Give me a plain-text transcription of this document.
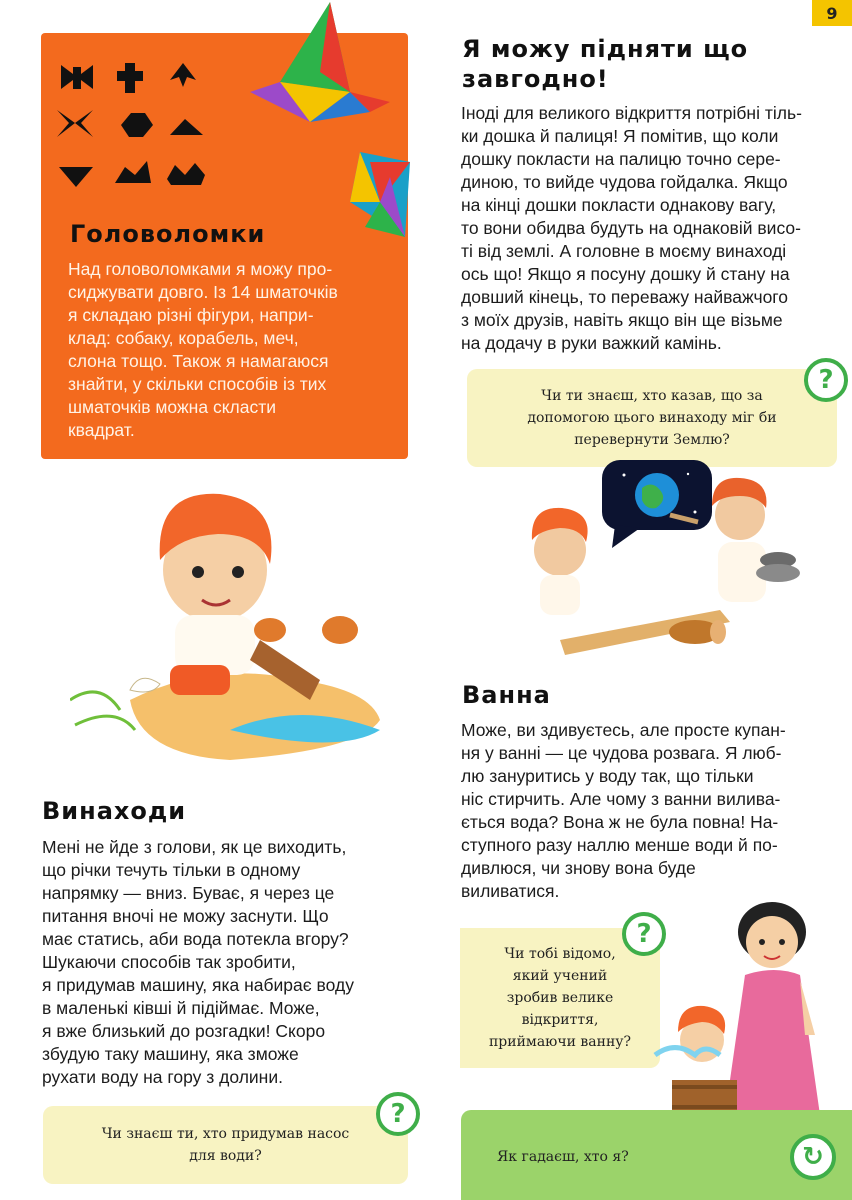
9
Головоломки
Над головоломками я можу про-
сиджувати довго. Із 14 шматочків
я складаю різні фігури, напри-
клад: собаку, корабель, меч,
слона тощо. Також я намагаюся
знайти, у скільки способів із тих
шматочків можна скласти
квадрат.
Я можу підняти що
завгодно!
Іноді для великого відкриття потрібні тіль-
ки дошка й палиця! Я помітив, що коли
дошку покласти на палицю точно сере-
диною, то вийде чудова гойдалка. Якщо
на кінці дошки покласти однакову вагу,
то вони обидва будуть на однаковій висо-
ті від землі. А головне в моєму винаході
ось що! Якщо я посуну дошку й стану на
довший кінець, то переважу найважчого
з моїх друзів, навіть якщо він ще візьме
на додачу в руки важкий камінь.
Чи ти знаєш, хто казав, що за
допомогою цього винаходу міг би
перевернути Землю?
?
Винаходи
Мені не йде з голови, як це виходить,
що річки течуть тільки в одному
напрямку — вниз. Буває, я через це
питання вночі не можу заснути. Що
має статись, аби вода потекла вгору?
Шукаючи способів так зробити,
я придумав машину, яка набирає воду
в маленькі ківші й підіймає. Може,
я вже близький до розгадки! Скоро
збудую таку машину, яка зможе
рухати воду на гору з долини.
Чи знаєш ти, хто придумав насос
для води?
?
Ванна
Може, ви здивуєтесь, але просте купан-
ня у ванні — це чудова розвага. Я люб-
лю зануритись у воду так, що тільки
ніс стирчить. Але чому з ванни вилива-
ється вода? Вона ж не була повна! На-
ступного разу наллю менше води й по-
дивлюся, чи знову вона буде
виливатися.
Чи тобі відомо,
який учений
зробив велике
відкриття,
приймаючи ванну?
?
Як гадаєш, хто я?	↻
